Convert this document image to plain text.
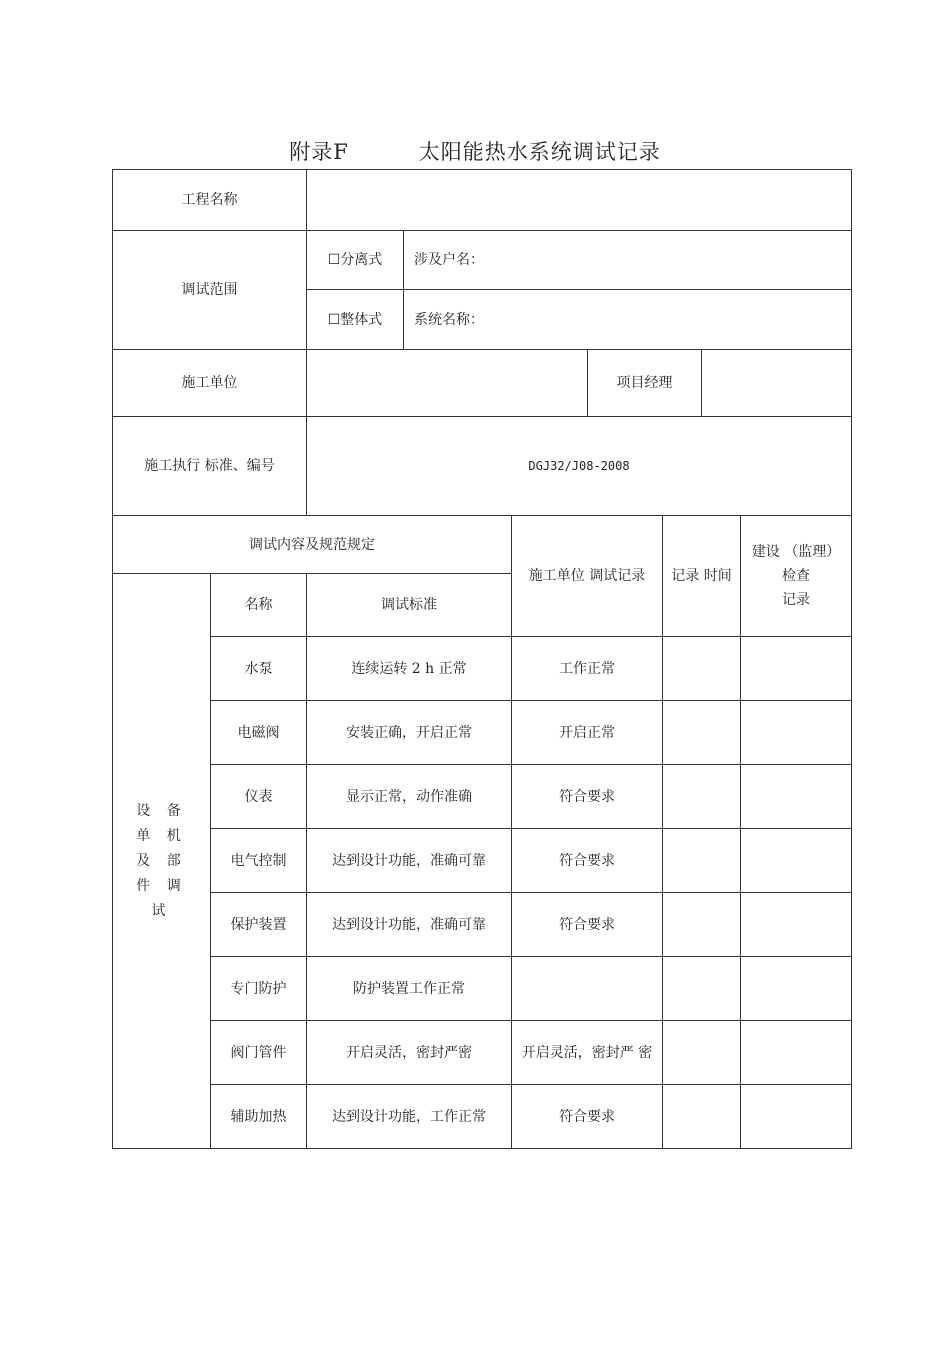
附录F	太阳能热水系统调试记录
工程名称								
调试范围		☐分离式	涉及户名：					
		☐整体式	系统名称：					
施工单位					项目经理			
施工执行 标准、编号		DGJ32/J08-2008						
调试内容及规范规定				施工单位 调试记录		记录 时间		建设 （监理）
检查
记录

设 备
单 机
及 部
件 调
试	名称	调试标准						
	水泵	连续运转 2 h 正常		工作正常				
	电磁阀	安装正确，开启正常		开启正常				
	仪表	显示正常，动作准确		符合要求				
	电气控制	达到设计功能，准确可靠		符合要求				
	保护装置	达到设计功能，准确可靠		符合要求				
	专门防护	防护装置工作正常						
	阀门管件	开启灵活，密封严密		开启灵活，密封严 密				
	辅助加热	达到设计功能，工作正常		符合要求				
